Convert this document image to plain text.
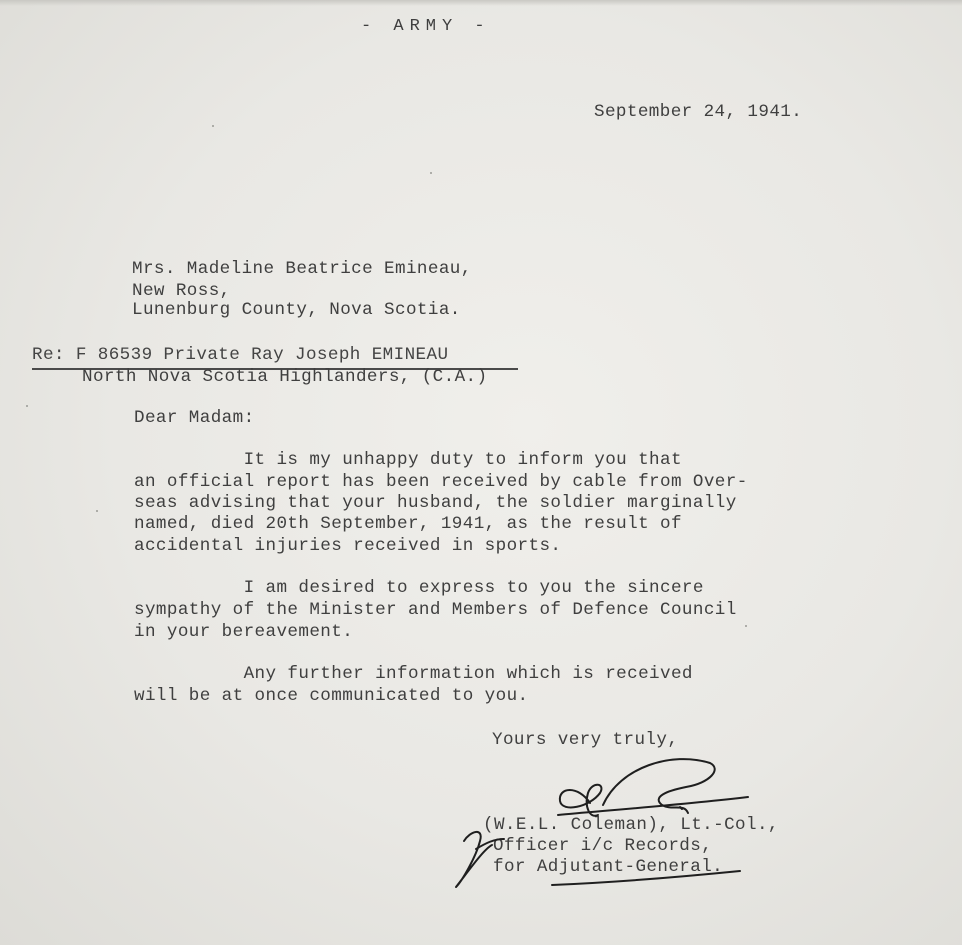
- ARMY -
September 24, 1941.
Mrs. Madeline Beatrice Emineau,
New Ross,
Lunenburg County, Nova Scotia.
Re: F 86539 Private Ray Joseph EMINEAU
North Nova Scotia Highlanders, (C.A.)
Dear Madam:
It is my unhappy duty to inform you that
an official report has been received by cable from Over-
seas advising that your husband, the soldier marginally
named, died 20th September, 1941, as the result of
accidental injuries received in sports.
I am desired to express to you the sincere
sympathy of the Minister and Members of Defence Council
in your bereavement.
Any further information which is received
will be at once communicated to you.
Yours very truly,
(W.E.L. Coleman), Lt.-Col.,
Officer i/c Records,
for Adjutant-General.
